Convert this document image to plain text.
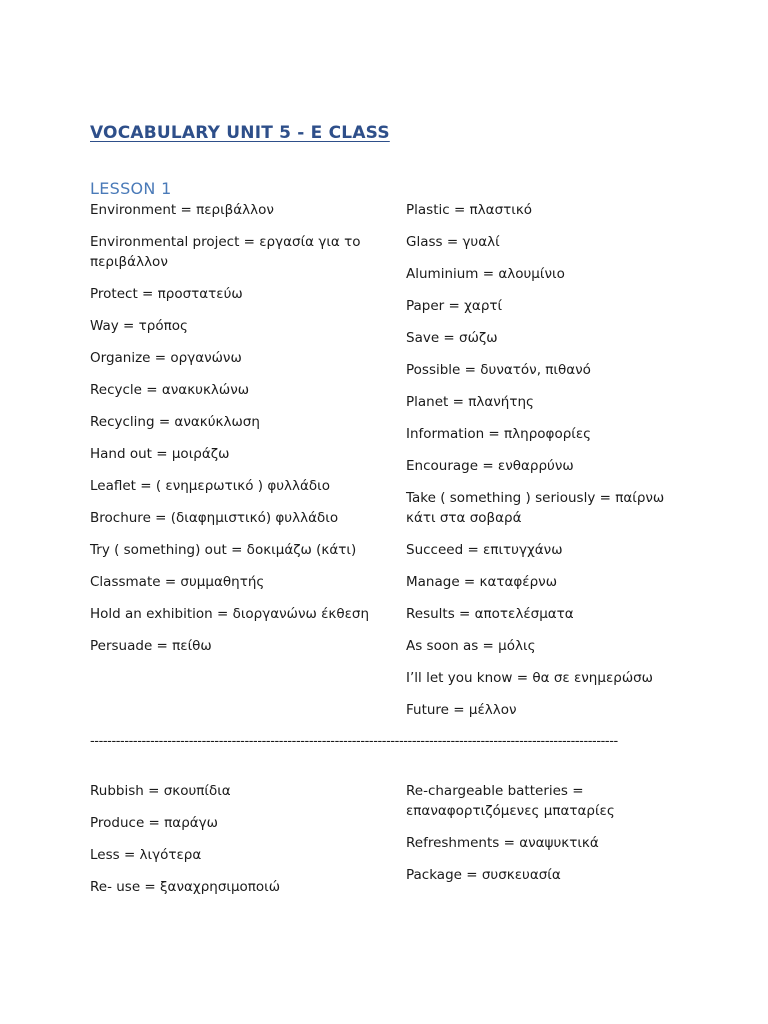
VOCABULARY UNIT 5 - E CLASS
LESSON 1
Environment = περιβάλλον
Environmental project = εργασία για το περιβάλλον
Protect = προστατεύω
Way = τρόπος
Organize = οργανώνω
Recycle = ανακυκλώνω
Recycling = ανακύκλωση
Hand out = μοιράζω
Leaflet = ( ενημερωτικό ) φυλλάδιο
Brochure = (διαφημιστικό) φυλλάδιο
Try ( something) out = δοκιμάζω (κάτι)
Classmate = συμμαθητής
Hold an exhibition = διοργανώνω έκθεση
Persuade = πείθω
Plastic = πλαστικό
Glass = γυαλί
Aluminium = αλουμίνιο
Paper = χαρτί
Save = σώζω
Possible = δυνατόν, πιθανό
Planet = πλανήτης
Information = πληροφορίες
Encourage = ενθαρρύνω
Take ( something ) seriously = παίρνω κάτι στα σοβαρά
Succeed = επιτυγχάνω
Manage = καταφέρνω
Results = αποτελέσματα
As soon as = μόλις
I’ll let you know = θα σε ενημερώσω
Future = μέλλον
---------------------------------------------------------------------------------------------------------------------------
Rubbish = σκουπίδια
Produce = παράγω
Less = λιγότερα
Re- use = ξαναχρησιμοποιώ
Re-chargeable batteries = επαναφορτιζόμενες μπαταρίες
Refreshments = αναψυκτικά
Package = συσκευασία
